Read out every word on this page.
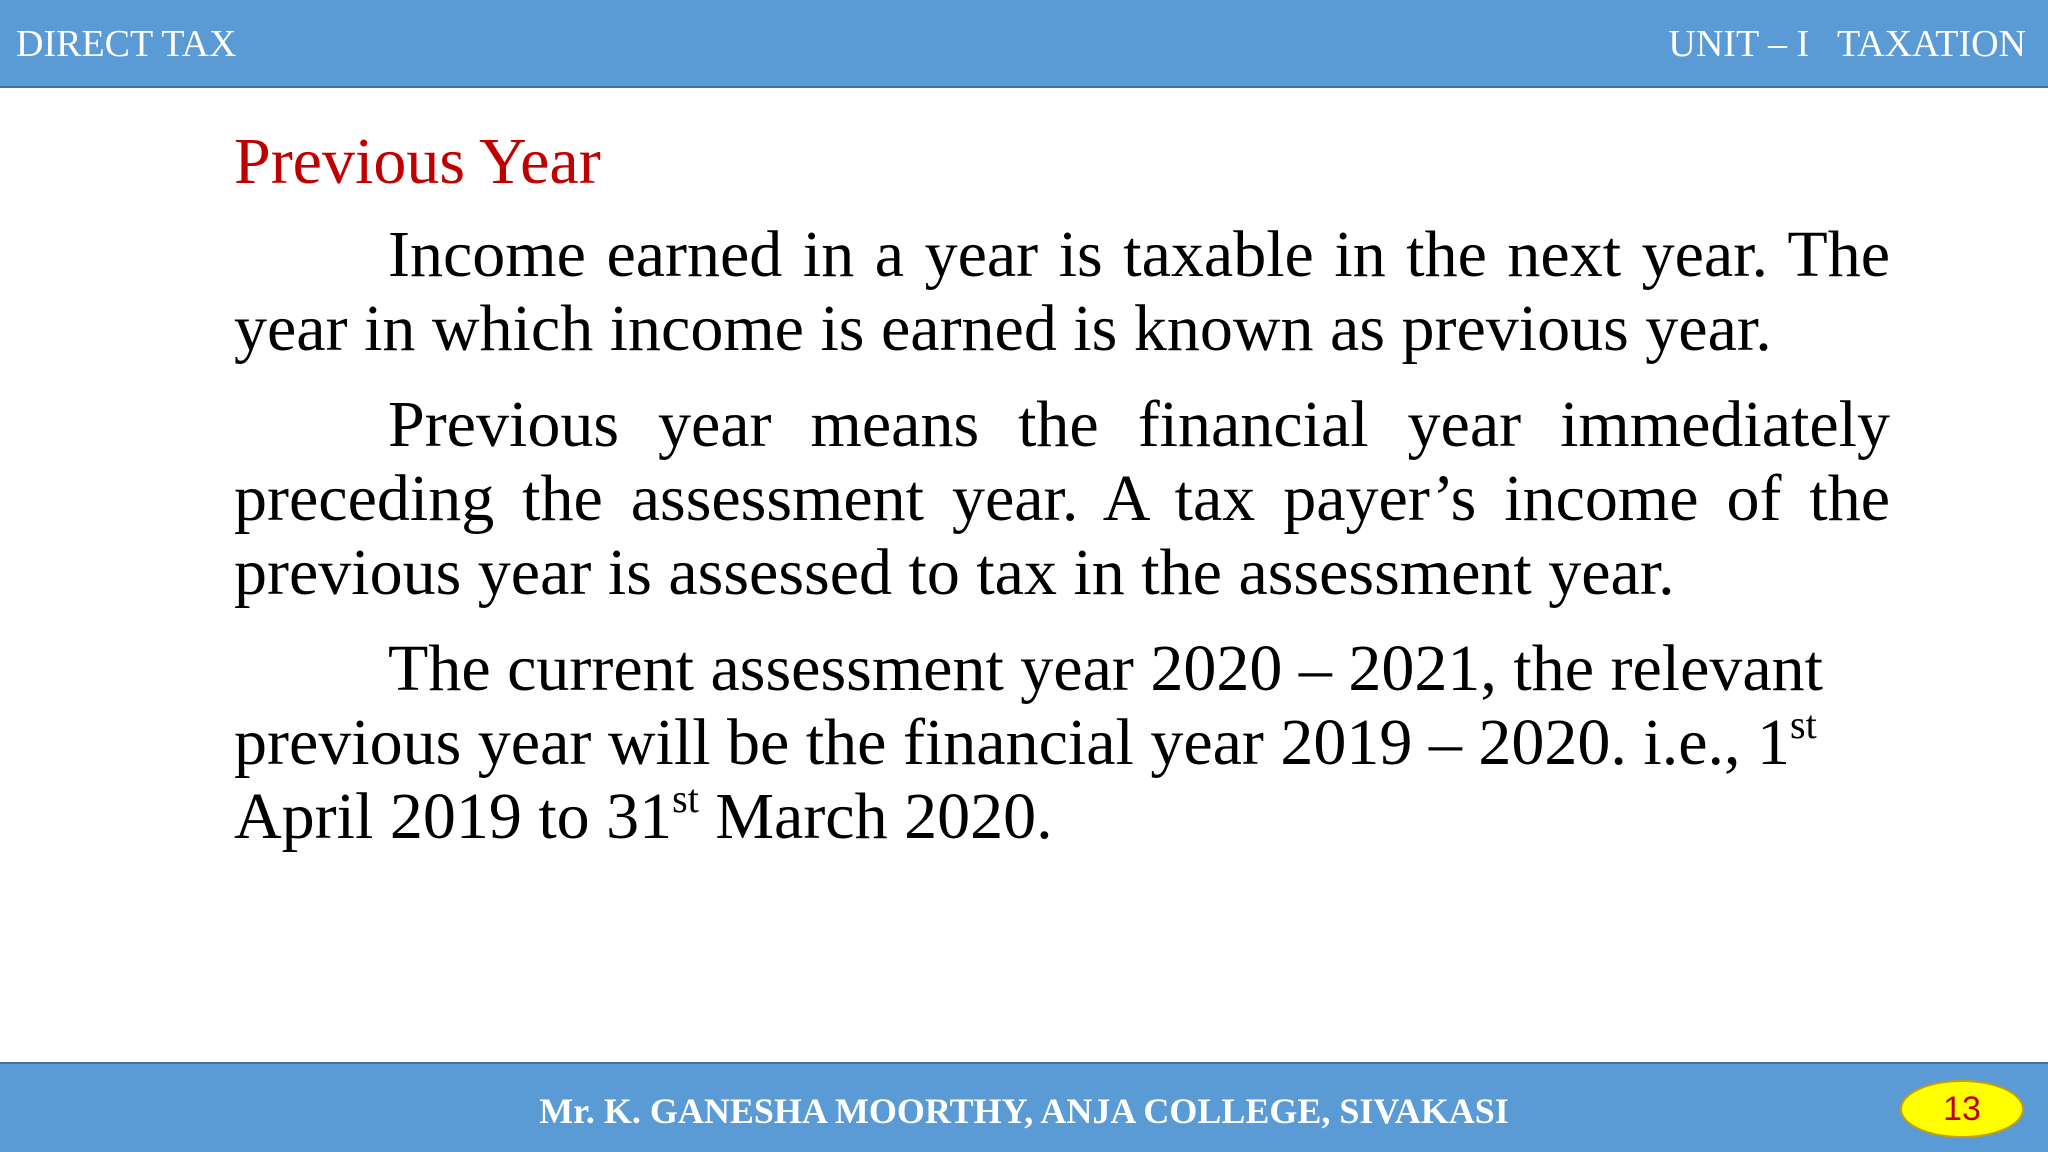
DIRECT TAX	UNIT – I   TAXATION
Previous Year

Income earned in a year is taxable in the next year. The year in which income is earned is known as previous year.

Previous year means the financial year immediately preceding the assessment year. A tax payer’s income of the previous year is assessed to tax in the assessment year.

The current assessment year 2020 – 2021, the relevant previous year will be the financial year 2019 – 2020. i.e., 1st April 2019 to 31st March 2020.

Mr. K. GANESHA MOORTHY, ANJA COLLEGE, SIVAKASI	13
